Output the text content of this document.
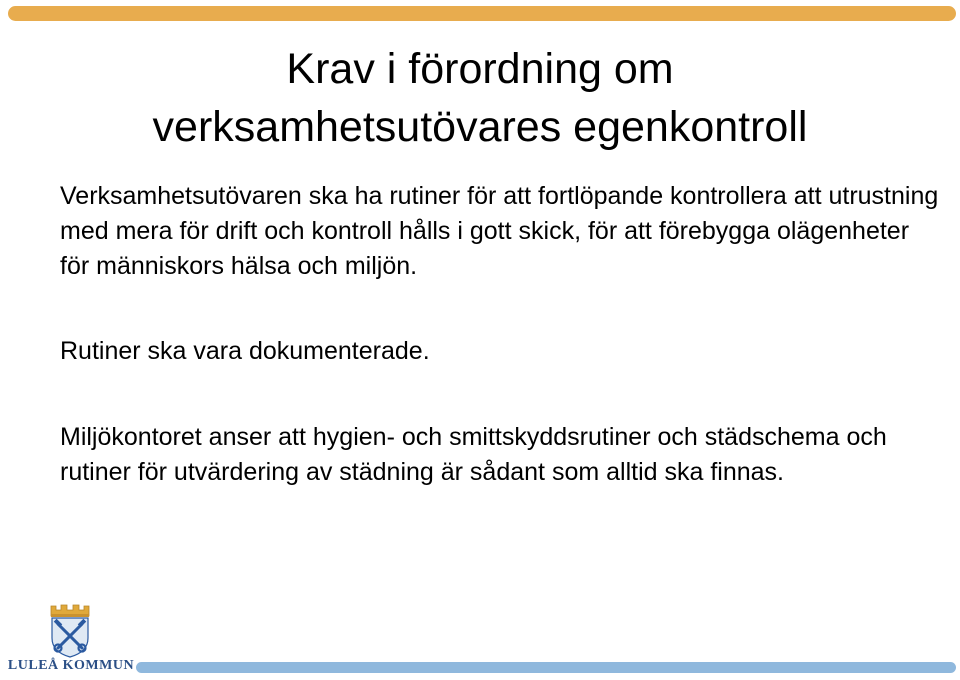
Krav i förordning om
verksamhetsutövares egenkontroll

Verksamhetsutövaren ska ha rutiner för att fortlöpande kontrollera att utrustning med mera för drift och kontroll hålls i gott skick, för att förebygga olägenheter för människors hälsa och miljön.

Rutiner ska vara dokumenterade.

Miljökontoret anser att hygien- och smittskyddsrutiner och städschema och rutiner för utvärdering av städning är sådant som alltid ska finnas.

LULEÅ KOMMUN
